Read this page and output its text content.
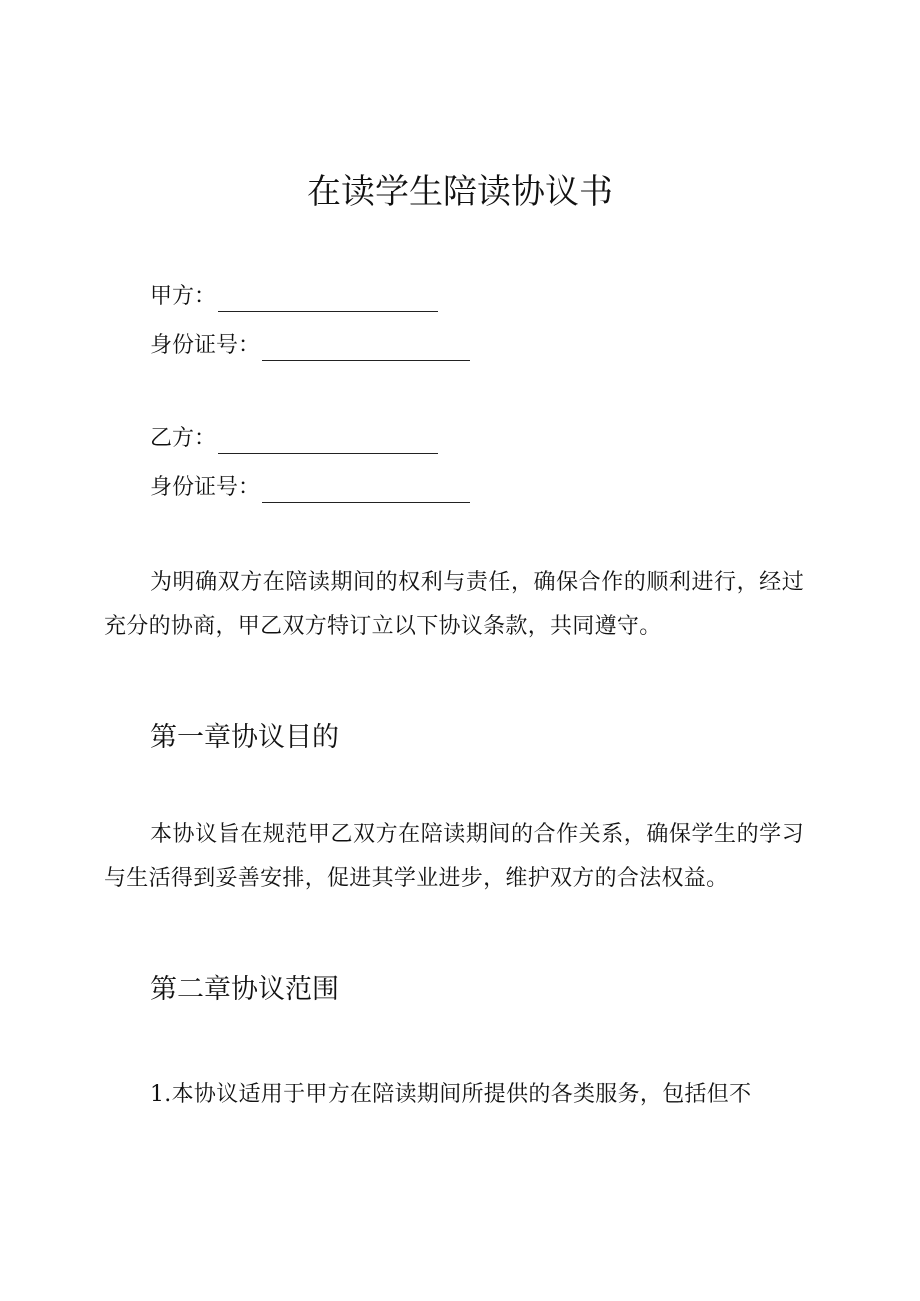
在读学生陪读协议书
甲方：
身份证号：
乙方：
身份证号：
为明确双方在陪读期间的权利与责任，确保合作的顺利进行，经过充分的协商，甲乙双方特订立以下协议条款，共同遵守。
第一章协议目的
本协议旨在规范甲乙双方在陪读期间的合作关系，确保学生的学习与生活得到妥善安排，促进其学业进步，维护双方的合法权益。
第二章协议范围
1.本协议适用于甲方在陪读期间所提供的各类服务，包括但不
